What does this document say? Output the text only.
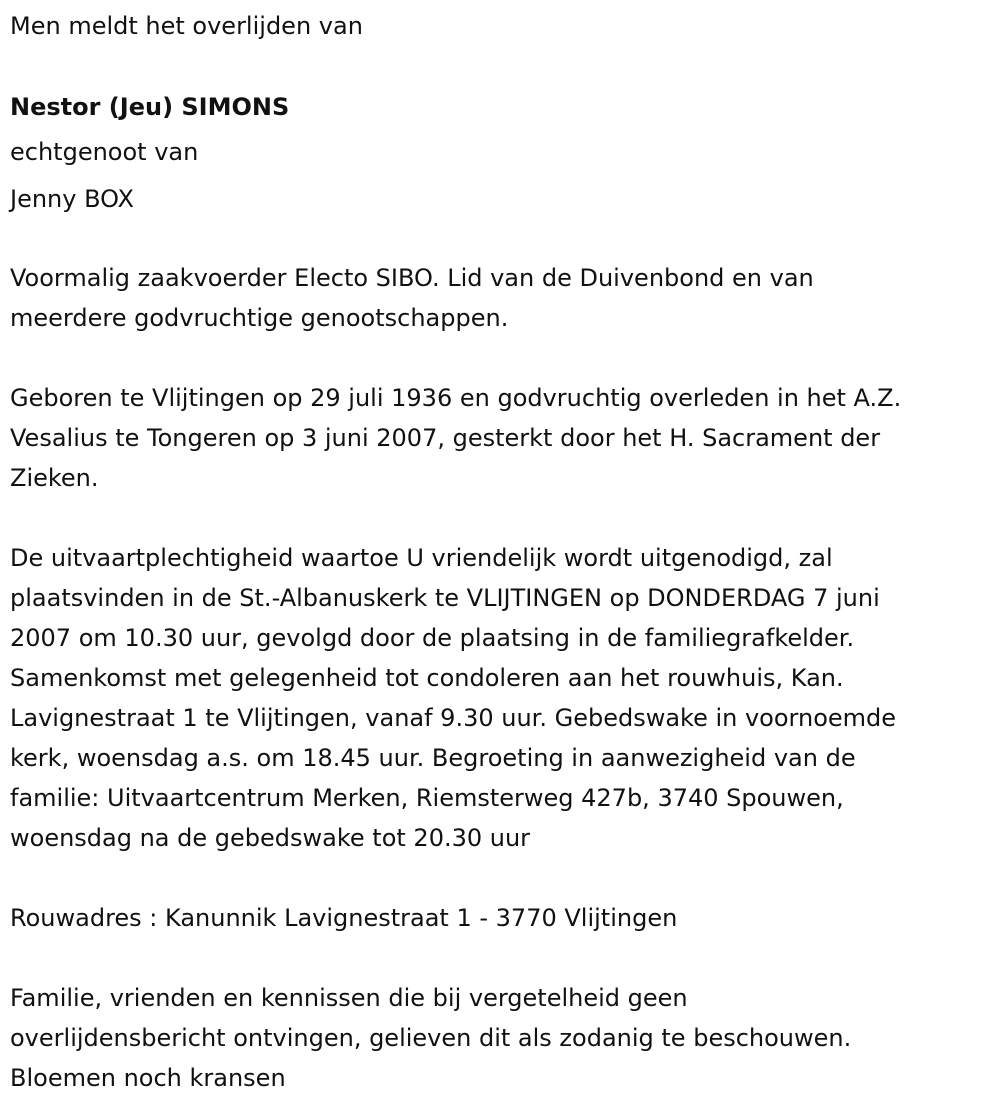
Men meldt het overlijden van
Nestor (Jeu) SIMONS
echtgenoot van
Jenny BOX
Voormalig zaakvoerder Electo SIBO. Lid van de Duivenbond en van
meerdere godvruchtige genootschappen.
Geboren te Vlijtingen op 29 juli 1936 en godvruchtig overleden in het A.Z.
Vesalius te Tongeren op 3 juni 2007, gesterkt door het H. Sacrament der
Zieken.
De uitvaartplechtigheid waartoe U vriendelijk wordt uitgenodigd, zal
plaatsvinden in de St.-Albanuskerk te VLIJTINGEN op DONDERDAG 7 juni
2007 om 10.30 uur, gevolgd door de plaatsing in de familiegrafkelder.
Samenkomst met gelegenheid tot condoleren aan het rouwhuis, Kan.
Lavignestraat 1 te Vlijtingen, vanaf 9.30 uur. Gebedswake in voornoemde
kerk, woensdag a.s. om 18.45 uur. Begroeting in aanwezigheid van de
familie: Uitvaartcentrum Merken, Riemsterweg 427b, 3740 Spouwen,
woensdag na de gebedswake tot 20.30 uur
Rouwadres : Kanunnik Lavignestraat 1 - 3770 Vlijtingen
Familie, vrienden en kennissen die bij vergetelheid geen
overlijdensbericht ontvingen, gelieven dit als zodanig te beschouwen.
Bloemen noch kransen
